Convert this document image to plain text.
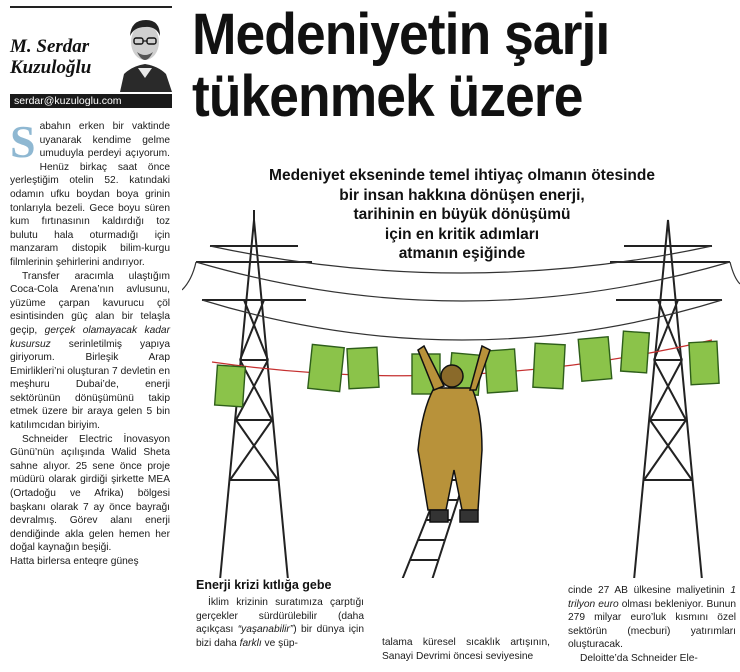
M. Serdar
Kuzuloğlu
serdar@kuzuloglu.com
S abahın erken bir vaktinde uyanarak kendime gelme umuduyla perdeyi açıyorum. Henüz birkaç saat önce yerleştiğim otelin 52. katındaki odamın ufku boydan boya grinin tonlarıyla bezeli. Gece boyu süren kum fırtınasının kaldırdığı toz bulutu hala oturmadığı için manzaram distopik bilim-kurgu filmlerinin şehirlerini andırıyor.
Transfer aracımla ulaştığım Coca-Cola Arena’nın avlusunu, yüzüme çarpan kavurucu çöl esintisinden güç alan bir telaşla geçip, gerçek olamayacak kadar kusursuz serinletilmiş yapıya giriyorum. Birleşik Arap Emirlikleri’ni oluşturan 7 devletin en meşhuru Dubai’de, enerji sektörünün dönüşümünü takip etmek üzere bir araya gelen 5 bin katılımcıdan biriyim.
Schneider Electric İnovasyon Günü’nün açılışında Walid Sheta sahne alıyor. 25 sene önce proje müdürü olarak girdiği şirkette MEA (Ortadoğu ve Afrika) bölgesi başkanı olarak 7 ay önce bayrağı devralmış. Görev alanı enerji dendiğinde akla gelen hemen her doğal kaynağın beşiği.
Hatta birlersa enteqre güneş
Medeniyetin şarjı
tükenmek üzere
Medeniyet ekseninde temel ihtiyaç olmanın ötesinde
bir insan hakkına dönüşen enerji,
tarihinin en büyük dönüşümü
için en kritik adımları
atmanın eşiğinde
Enerji krizi kıtlığa gebe
İklim krizinin suratımıza çarptığı gerçekler sürdürülebilir (daha açıkçası “yaşanabilir”) bir dünya için bizi daha farklı ve şüp-	talama küresel sıcaklık artışının, Sanayi Devrimi öncesi seviyesine
cinde 27 AB ülkesine maliyetinin 1 trilyon euro olması bekleniyor. Bunun 279 milyar euro’luk kısmını özel sektörün (mecburi) yatırımları oluşturacak.
Deloitte’da Schneider Ele-
